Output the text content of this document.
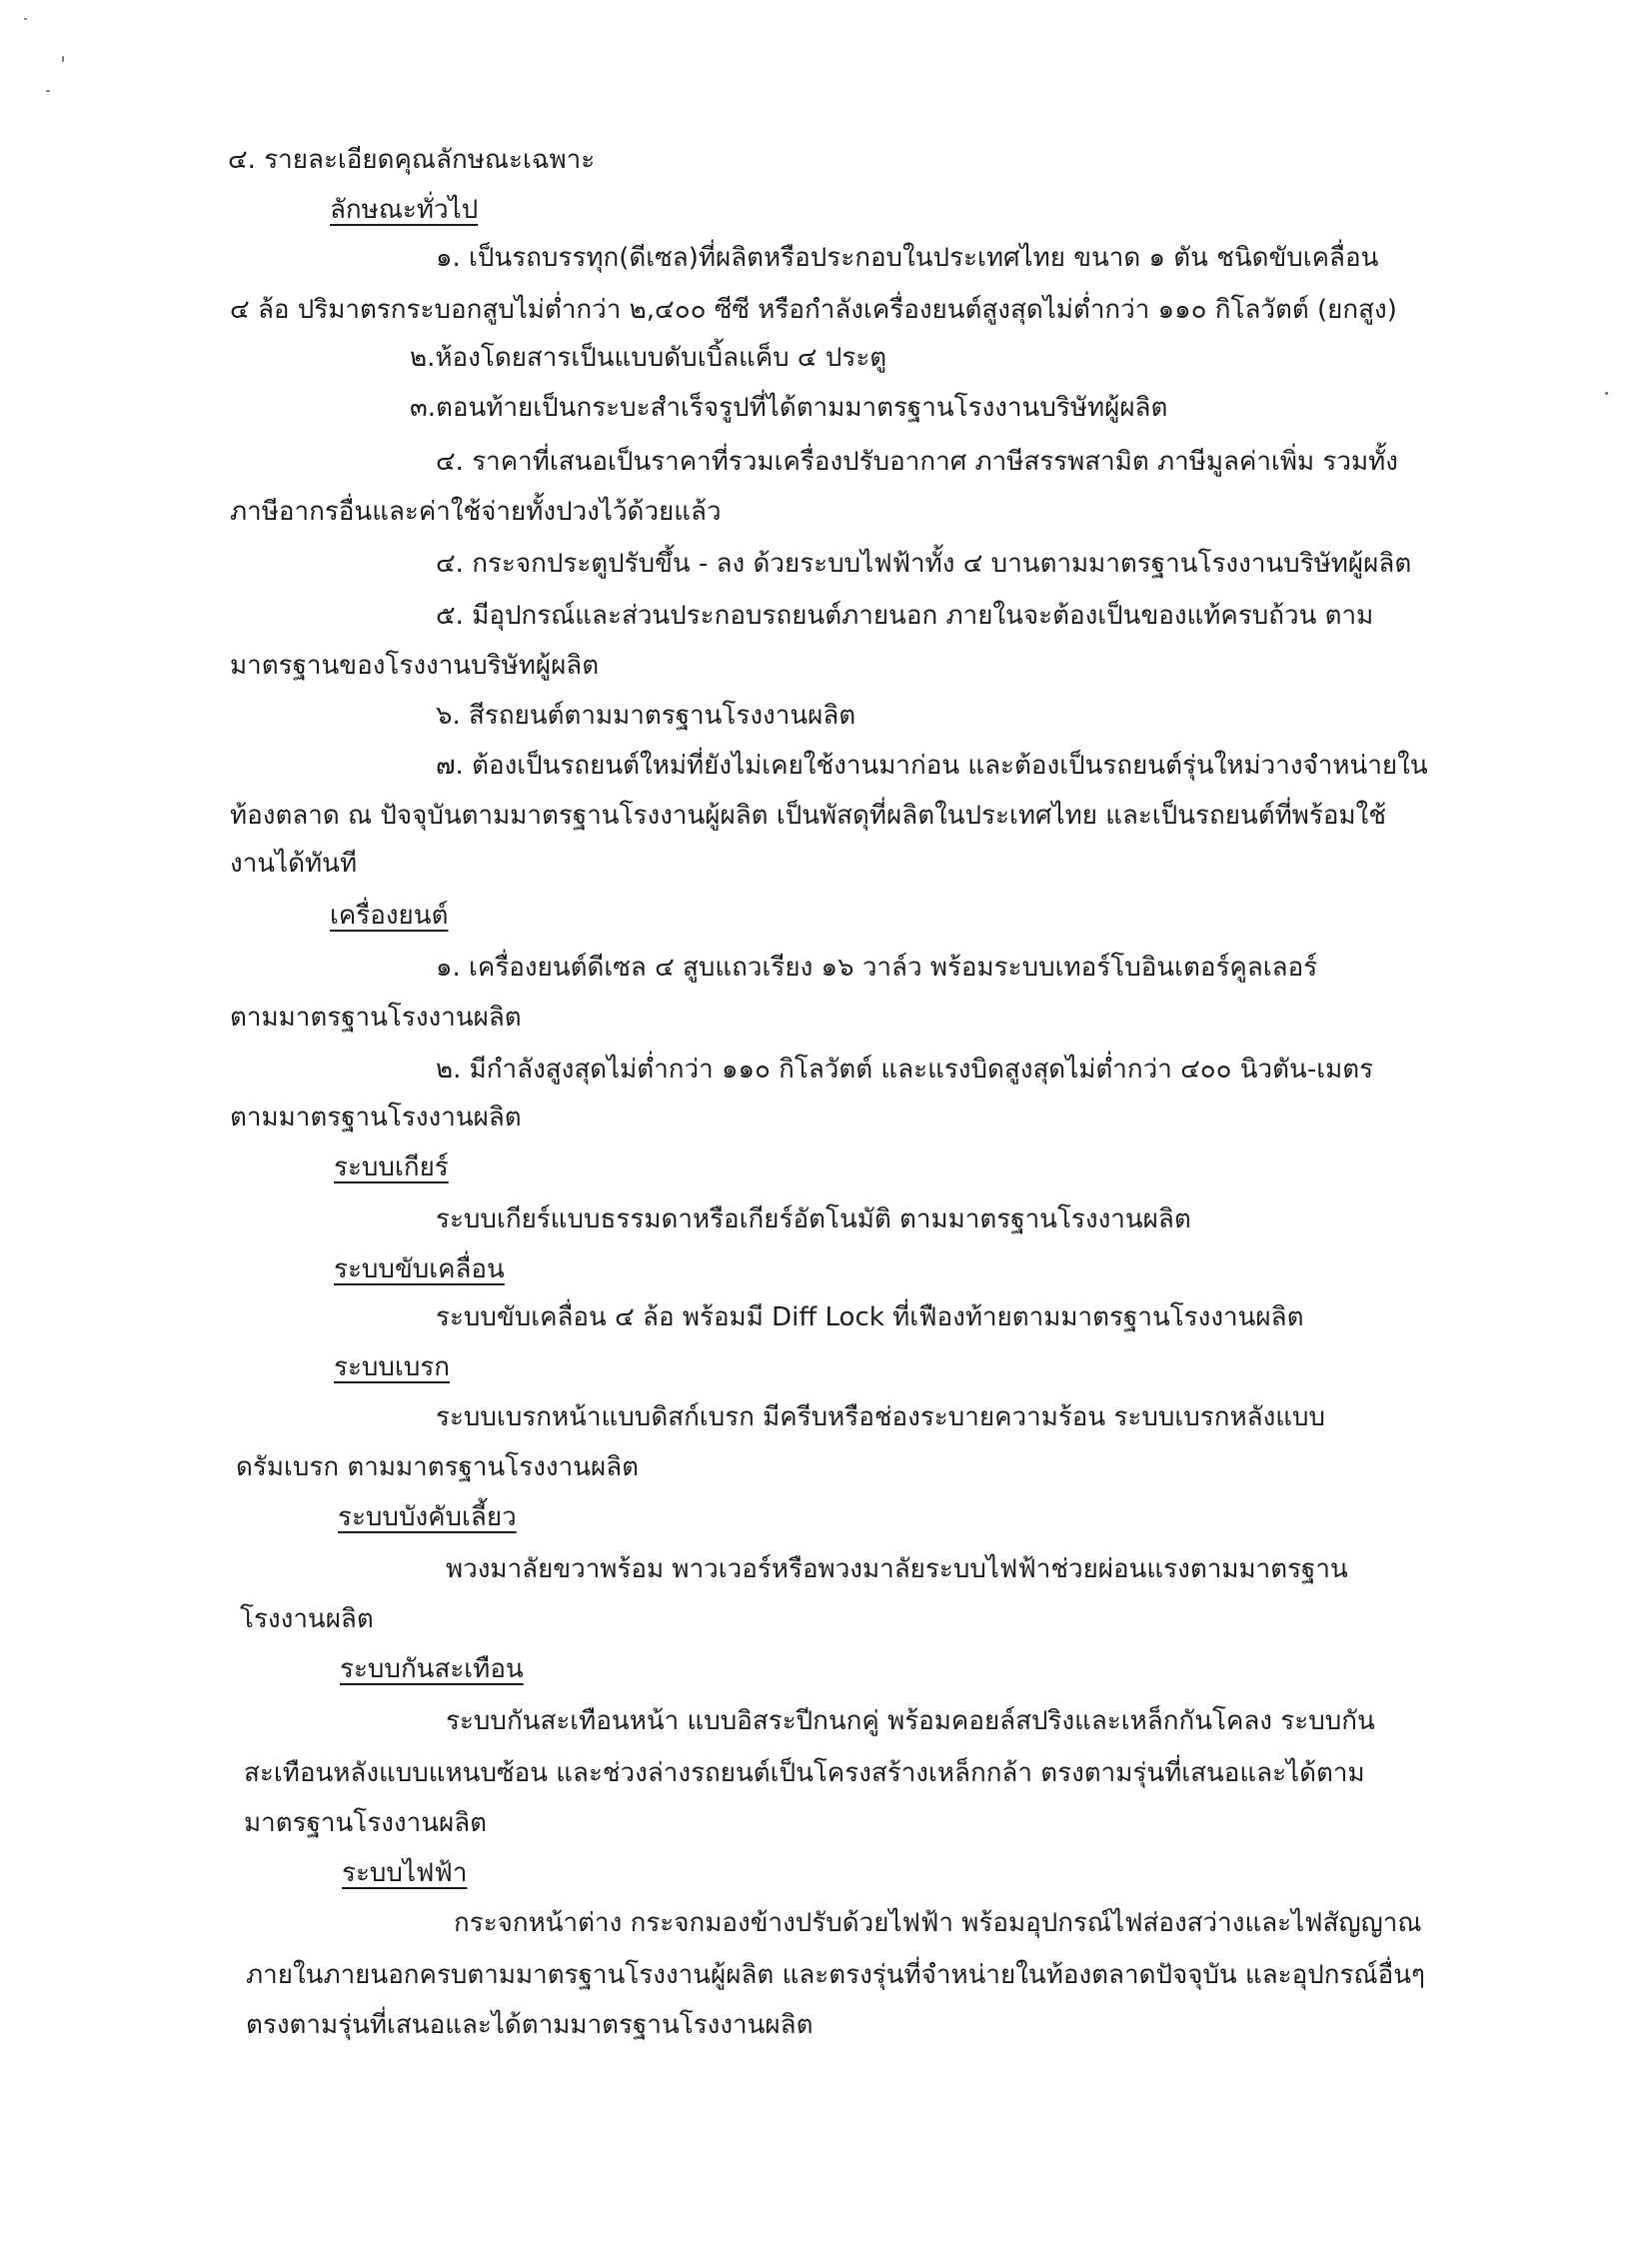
๔. รายละเอียดคุณลักษณะเฉพาะ
ลักษณะทั่วไป
๑. เป็นรถบรรทุก(ดีเซล)ที่ผลิตหรือประกอบในประเทศไทย ขนาด ๑ ตัน ชนิดขับเคลื่อน
๔ ล้อ ปริมาตรกระบอกสูบไม่ต่ำกว่า ๒,๔๐๐ ซีซี หรือกำลังเครื่องยนต์สูงสุดไม่ต่ำกว่า ๑๑๐ กิโลวัตต์ (ยกสูง)
๒.ห้องโดยสารเป็นแบบดับเบิ้ลแค็บ ๔ ประตู
๓.ตอนท้ายเป็นกระบะสำเร็จรูปที่ได้ตามมาตรฐานโรงงานบริษัทผู้ผลิต
๔. ราคาที่เสนอเป็นราคาที่รวมเครื่องปรับอากาศ ภาษีสรรพสามิต ภาษีมูลค่าเพิ่ม รวมทั้ง
ภาษีอากรอื่นและค่าใช้จ่ายทั้งปวงไว้ด้วยแล้ว
๔. กระจกประตูปรับขึ้น - ลง ด้วยระบบไฟฟ้าทั้ง ๔ บานตามมาตรฐานโรงงานบริษัทผู้ผลิต
๕. มีอุปกรณ์และส่วนประกอบรถยนต์ภายนอก ภายในจะต้องเป็นของแท้ครบถ้วน ตาม
มาตรฐานของโรงงานบริษัทผู้ผลิต
๖. สีรถยนต์ตามมาตรฐานโรงงานผลิต
๗. ต้องเป็นรถยนต์ใหม่ที่ยังไม่เคยใช้งานมาก่อน และต้องเป็นรถยนต์รุ่นใหม่วางจำหน่ายใน
ท้องตลาด ณ ปัจจุบันตามมาตรฐานโรงงานผู้ผลิต เป็นพัสดุที่ผลิตในประเทศไทย และเป็นรถยนต์ที่พร้อมใช้
งานได้ทันที
เครื่องยนต์
๑. เครื่องยนต์ดีเซล ๔ สูบแถวเรียง ๑๖ วาล์ว พร้อมระบบเทอร์โบอินเตอร์คูลเลอร์
ตามมาตรฐานโรงงานผลิต
๒. มีกำลังสูงสุดไม่ต่ำกว่า ๑๑๐ กิโลวัตต์ และแรงบิดสูงสุดไม่ต่ำกว่า ๔๐๐ นิวตัน-เมตร
ตามมาตรฐานโรงงานผลิต
ระบบเกียร์
ระบบเกียร์แบบธรรมดาหรือเกียร์อัตโนมัติ ตามมาตรฐานโรงงานผลิต
ระบบขับเคลื่อน
ระบบขับเคลื่อน ๔ ล้อ พร้อมมี Diff Lock ที่เฟืองท้ายตามมาตรฐานโรงงานผลิต
ระบบเบรก
ระบบเบรกหน้าแบบดิสก์เบรก มีครีบหรือช่องระบายความร้อน ระบบเบรกหลังแบบ
ดรัมเบรก ตามมาตรฐานโรงงานผลิต
ระบบบังคับเลี้ยว
พวงมาลัยขวาพร้อม พาวเวอร์หรือพวงมาลัยระบบไฟฟ้าช่วยผ่อนแรงตามมาตรฐาน
โรงงานผลิต
ระบบกันสะเทือน
ระบบกันสะเทือนหน้า แบบอิสระปีกนกคู่ พร้อมคอยล์สปริงและเหล็กกันโคลง ระบบกัน
สะเทือนหลังแบบแหนบซ้อน และช่วงล่างรถยนต์เป็นโครงสร้างเหล็กกล้า ตรงตามรุ่นที่เสนอและได้ตาม
มาตรฐานโรงงานผลิต
ระบบไฟฟ้า
กระจกหน้าต่าง กระจกมองข้างปรับด้วยไฟฟ้า พร้อมอุปกรณ์ไฟส่องสว่างและไฟสัญญาณ
ภายในภายนอกครบตามมาตรฐานโรงงานผู้ผลิต และตรงรุ่นที่จำหน่ายในท้องตลาดปัจจุบัน และอุปกรณ์อื่นๆ
ตรงตามรุ่นที่เสนอและได้ตามมาตรฐานโรงงานผลิต
